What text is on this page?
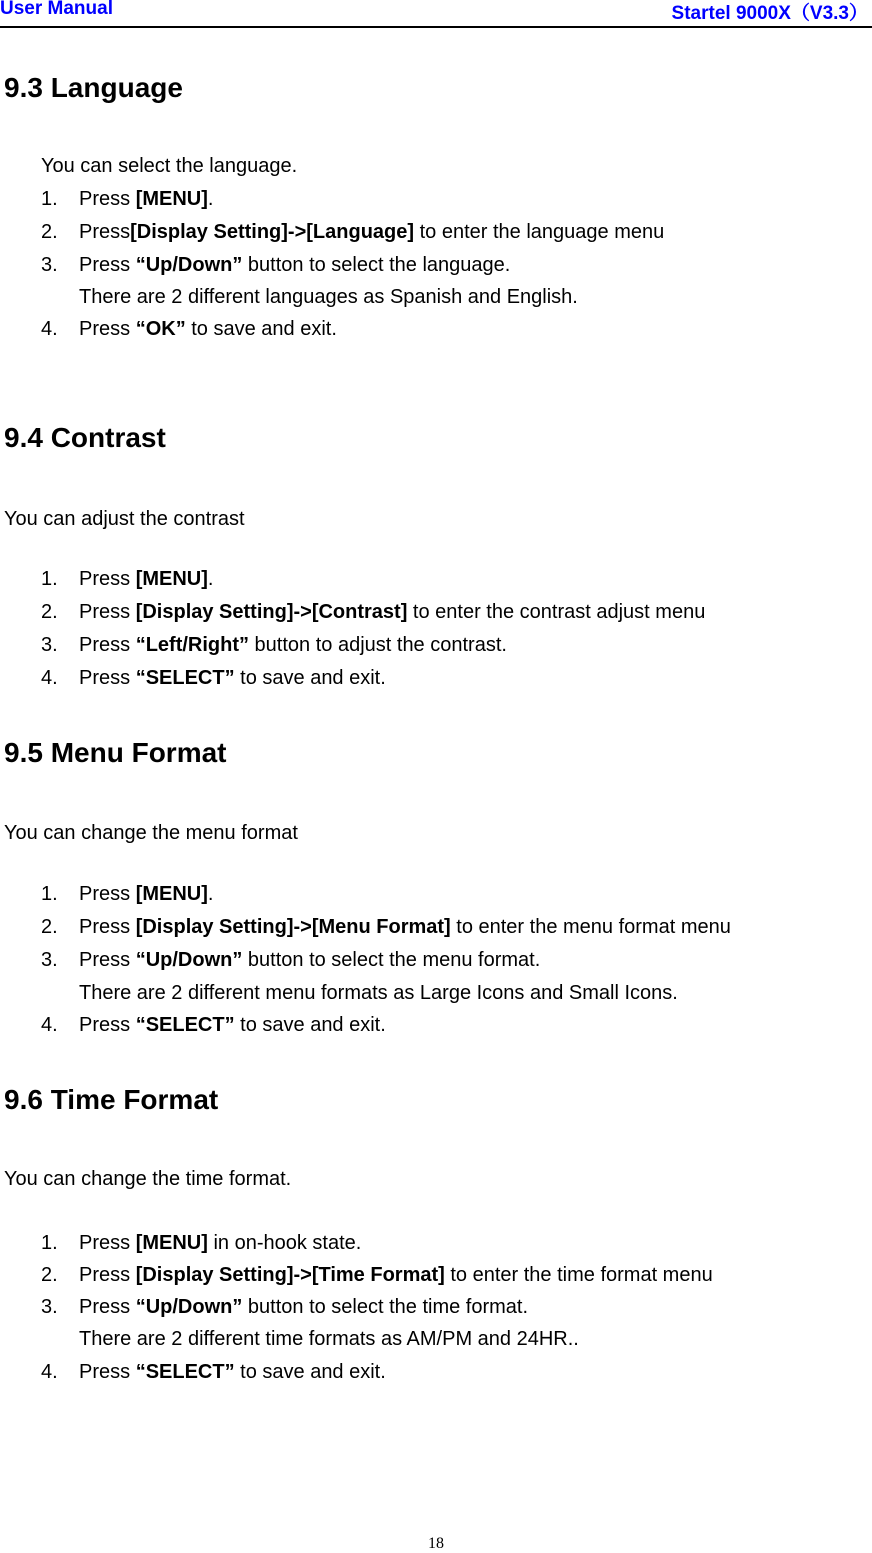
User Manual	Startel 9000X（V3.3）
9.3 Language
You can select the language.
1. Press [MENU].
2. Press[Display Setting]->[Language] to enter the language menu
3. Press “Up/Down” button to select the language.
There are 2 different languages as Spanish and English.
4. Press “OK” to save and exit.
9.4 Contrast
You can adjust the contrast
1. Press [MENU].
2. Press [Display Setting]->[Contrast] to enter the contrast adjust menu
3. Press “Left/Right” button to adjust the contrast.
4. Press “SELECT” to save and exit.
9.5 Menu Format
You can change the menu format
1. Press [MENU].
2. Press [Display Setting]->[Menu Format] to enter the menu format menu
3. Press “Up/Down” button to select the menu format.
There are 2 different menu formats as Large Icons and Small Icons.
4. Press “SELECT” to save and exit.
9.6 Time Format
You can change the time format.
1. Press [MENU] in on-hook state.
2. Press [Display Setting]->[Time Format] to enter the time format menu
3. Press “Up/Down” button to select the time format.
There are 2 different time formats as AM/PM and 24HR..
4. Press “SELECT” to save and exit.
18
